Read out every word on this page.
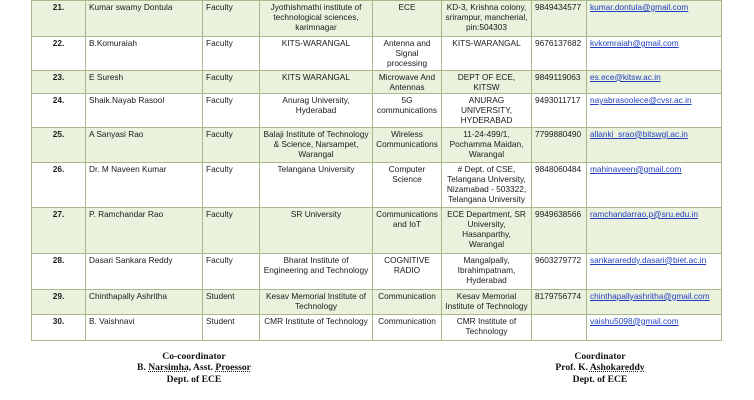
21.	Kumar swamy Dontula	Faculty	Jyothishmathi institute of technological sciences, karimnagar	ECE	KD-3, Krishna colony, srirampur, mancherial, pin:504303	9849434577	kumar.dontula@gmail.com
22.	B.Komuraiah	Faculty	KITS-WARANGAL	Antenna and Signal processing	KITS-WARANGAL	9676137682	kvkomraiah@gmail.com
23.	E Suresh	Faculty	KITS WARANGAL	Microwave And Antennas	DEPT OF ECE, KITSW	9849119063	es.ece@kitsw.ac.in
24.	Shaik.Nayab Rasool	Faculty	Anurag University, Hyderabad	5G communications	ANURAG UNIVERSITY, HYDERABAD	9493011717	nayabrasoolece@cvsr.ac.in
25.	A Sanyasi Rao	Faculty	Balaji Institute of Technology & Science, Narsampet, Warangal	Wireless Communications	11-24-499/1, Pochamma Maidan, Warangal	7799880490	allanki_srao@bitswgl.ac.in
26.	Dr. M Naveen Kumar	Faculty	Telangana University	Computer Science	# Dept. of CSE, Telangana University, Nizamabad - 503322, Telangana University	9848060484	mahinaveen@gmail.com
27.	P. Ramchandar Rao	Faculty	SR University	Communications and IoT	ECE Department, SR University, Hasanparthy, Warangal	9949638566	ramchandarrao.p@sru.edu.in
28.	Dasari Sankara Reddy	Faculty	Bharat Institute of Engineering and Technology	COGNITIVE RADIO	Mangalpally, Ibrahimpatnam, Hyderabad	9603279772	sankarareddy.dasari@biet.ac.in
29.	Chinthapally Ashritha	Student	Kesav Memorial Institute of Technology	Communication	Kesav Memorial Institute of Technology	8179756774	chinthapallyashritha@gmail.com
30.	B. Vaishnavi	Student	CMR Institute of Technology	Communication	CMR Institute of Technology		vaishu5098@gmail.com
Co-coordinator
B. Narsimha, Asst. Proessor
Dept. of ECE
Coordinator
Prof. K. Ashokareddy
Dept. of ECE
